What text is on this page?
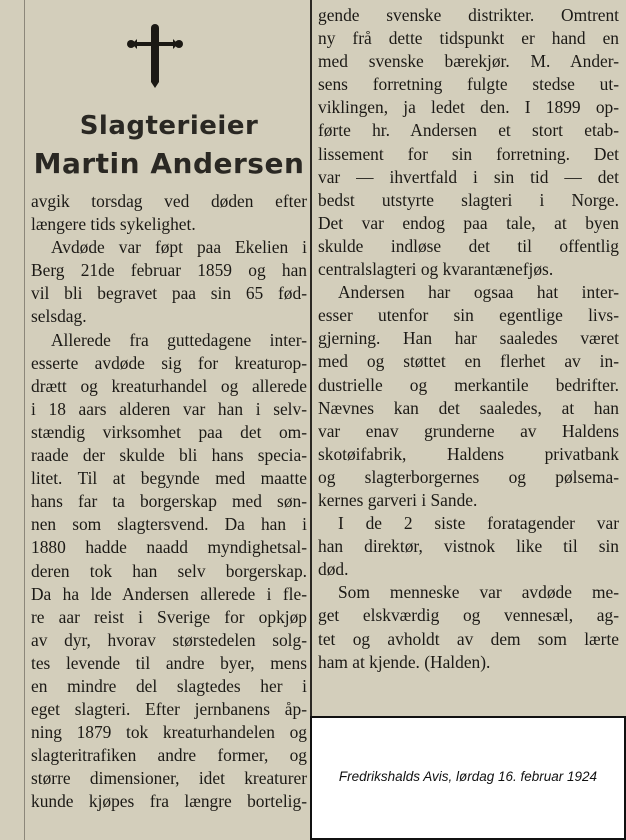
Slagterieier
Martin Andersen
avgik torsdag ved døden efter
længere tids sykelighet.
Avdøde var føpt paa Ekelien i
Berg 21de februar 1859 og han
vil bli begravet paa sin 65 fød-
selsdag.
Allerede fra guttedagene inter-
esserte avdøde sig for kreaturop-
drætt og kreaturhandel og allerede
i 18 aars alderen var han i selv-
stændig virksomhet paa det om-
raade der skulde bli hans specia-
litet. Til at begynde med maatte
hans far ta borgerskap med søn-
nen som slagtersvend. Da han i
1880 hadde naadd myndighetsal-
deren tok han selv borgerskap.
Da ha lde Andersen allerede i fle-
re aar reist i Sverige for opkjøp
av dyr, hvorav størstedelen solg-
tes levende til andre byer, mens
en mindre del slagtedes her i
eget slagteri. Efter jernbanens åp-
ning 1879 tok kreaturhandelen og
slagteritrafiken andre former, og
større dimensioner, idet kreaturer
kunde kjøpes fra længre bortelig-
gende svenske distrikter. Omtrent
ny frå dette tidspunkt er hand en
med svenske bærekjør. M. Ander-
sens forretning fulgte stedse ut-
viklingen, ja ledet den. I 1899 op-
førte hr. Andersen et stort etab-
lissement for sin forretning. Det
var — ihvertfald i sin tid — det
bedst utstyrte slagteri i Norge.
Det var endog paa tale, at byen
skulde indløse det til offentlig
centralslagteri og kvarantænefjøs.
Andersen har ogsaa hat inter-
esser utenfor sin egentlige livs-
gjerning. Han har saaledes været
med og støttet en flerhet av in-
dustrielle og merkantile bedrifter.
Nævnes kan det saaledes, at han
var enav grunderne av Haldens
skotøifabrik, Haldens privatbank
og slagterborgernes og pølsema-
kernes garveri i Sande.
I de 2 siste foratagender var
han direktør, vistnok like til sin
død.
Som menneske var avdøde me-
get elskværdig og vennesæl, ag-
tet og avholdt av dem som lærte
ham at kjende. (Halden).
Fredrikshalds Avis, lørdag 16. februar 1924
